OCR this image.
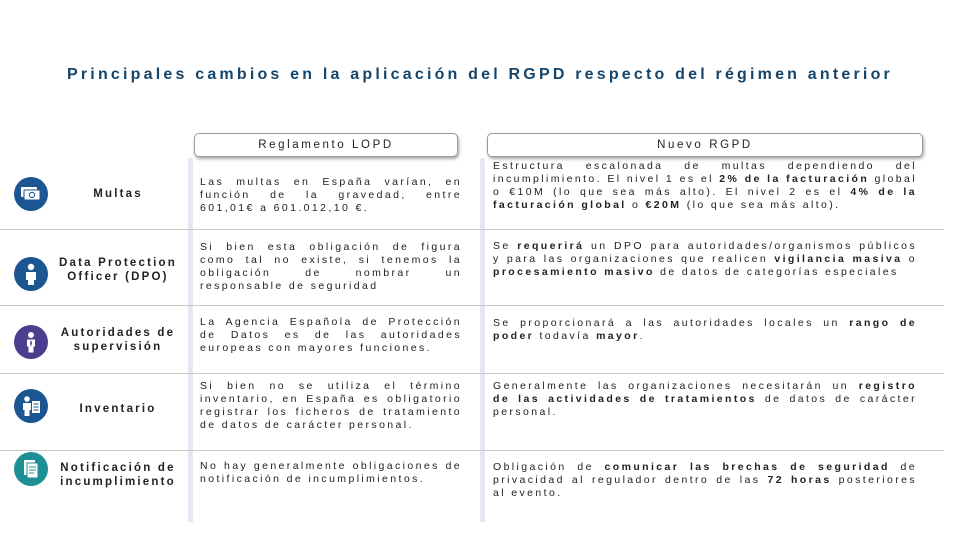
Principales cambios en la aplicación del RGPD respecto del régimen anterior
Reglamento LOPD	Nuevo RGPD
Multas
Las multas en España varían, en función de la gravedad, entre 601,01€ a 601.012,10 €.
Estructura escalonada de multas dependiendo del incumplimiento. El nivel 1 es el 2% de la facturación global o €10M (lo que sea más alto). El nivel 2 es el 4% de la facturación global o €20M (lo que sea más alto).
Data Protection Officer (DPO)
Si bien esta obligación de figura como tal no existe, si tenemos la obligación de nombrar un responsable de seguridad
Se requerirá un DPO para autoridades/organismos públicos y para las organizaciones que realicen vigilancia masiva o procesamiento masivo de datos de categorías especiales
Autoridades de supervisión
La Agencia Española de Protección de Datos es de las autoridades europeas con mayores funciones.
Se proporcionará a las autoridades locales un rango de poder todavía mayor.
Inventario
Si bien no se utiliza el término inventario, en España es obligatorio registrar los ficheros de tratamiento de datos de carácter personal.
Generalmente las organizaciones necesitarán un registro de las actividades de tratamientos de datos de carácter personal.
Notificación de incumplimiento
No hay generalmente obligaciones de notificación de incumplimientos.
Obligación de comunicar las brechas de seguridad de privacidad al regulador dentro de las 72 horas posteriores al evento.
